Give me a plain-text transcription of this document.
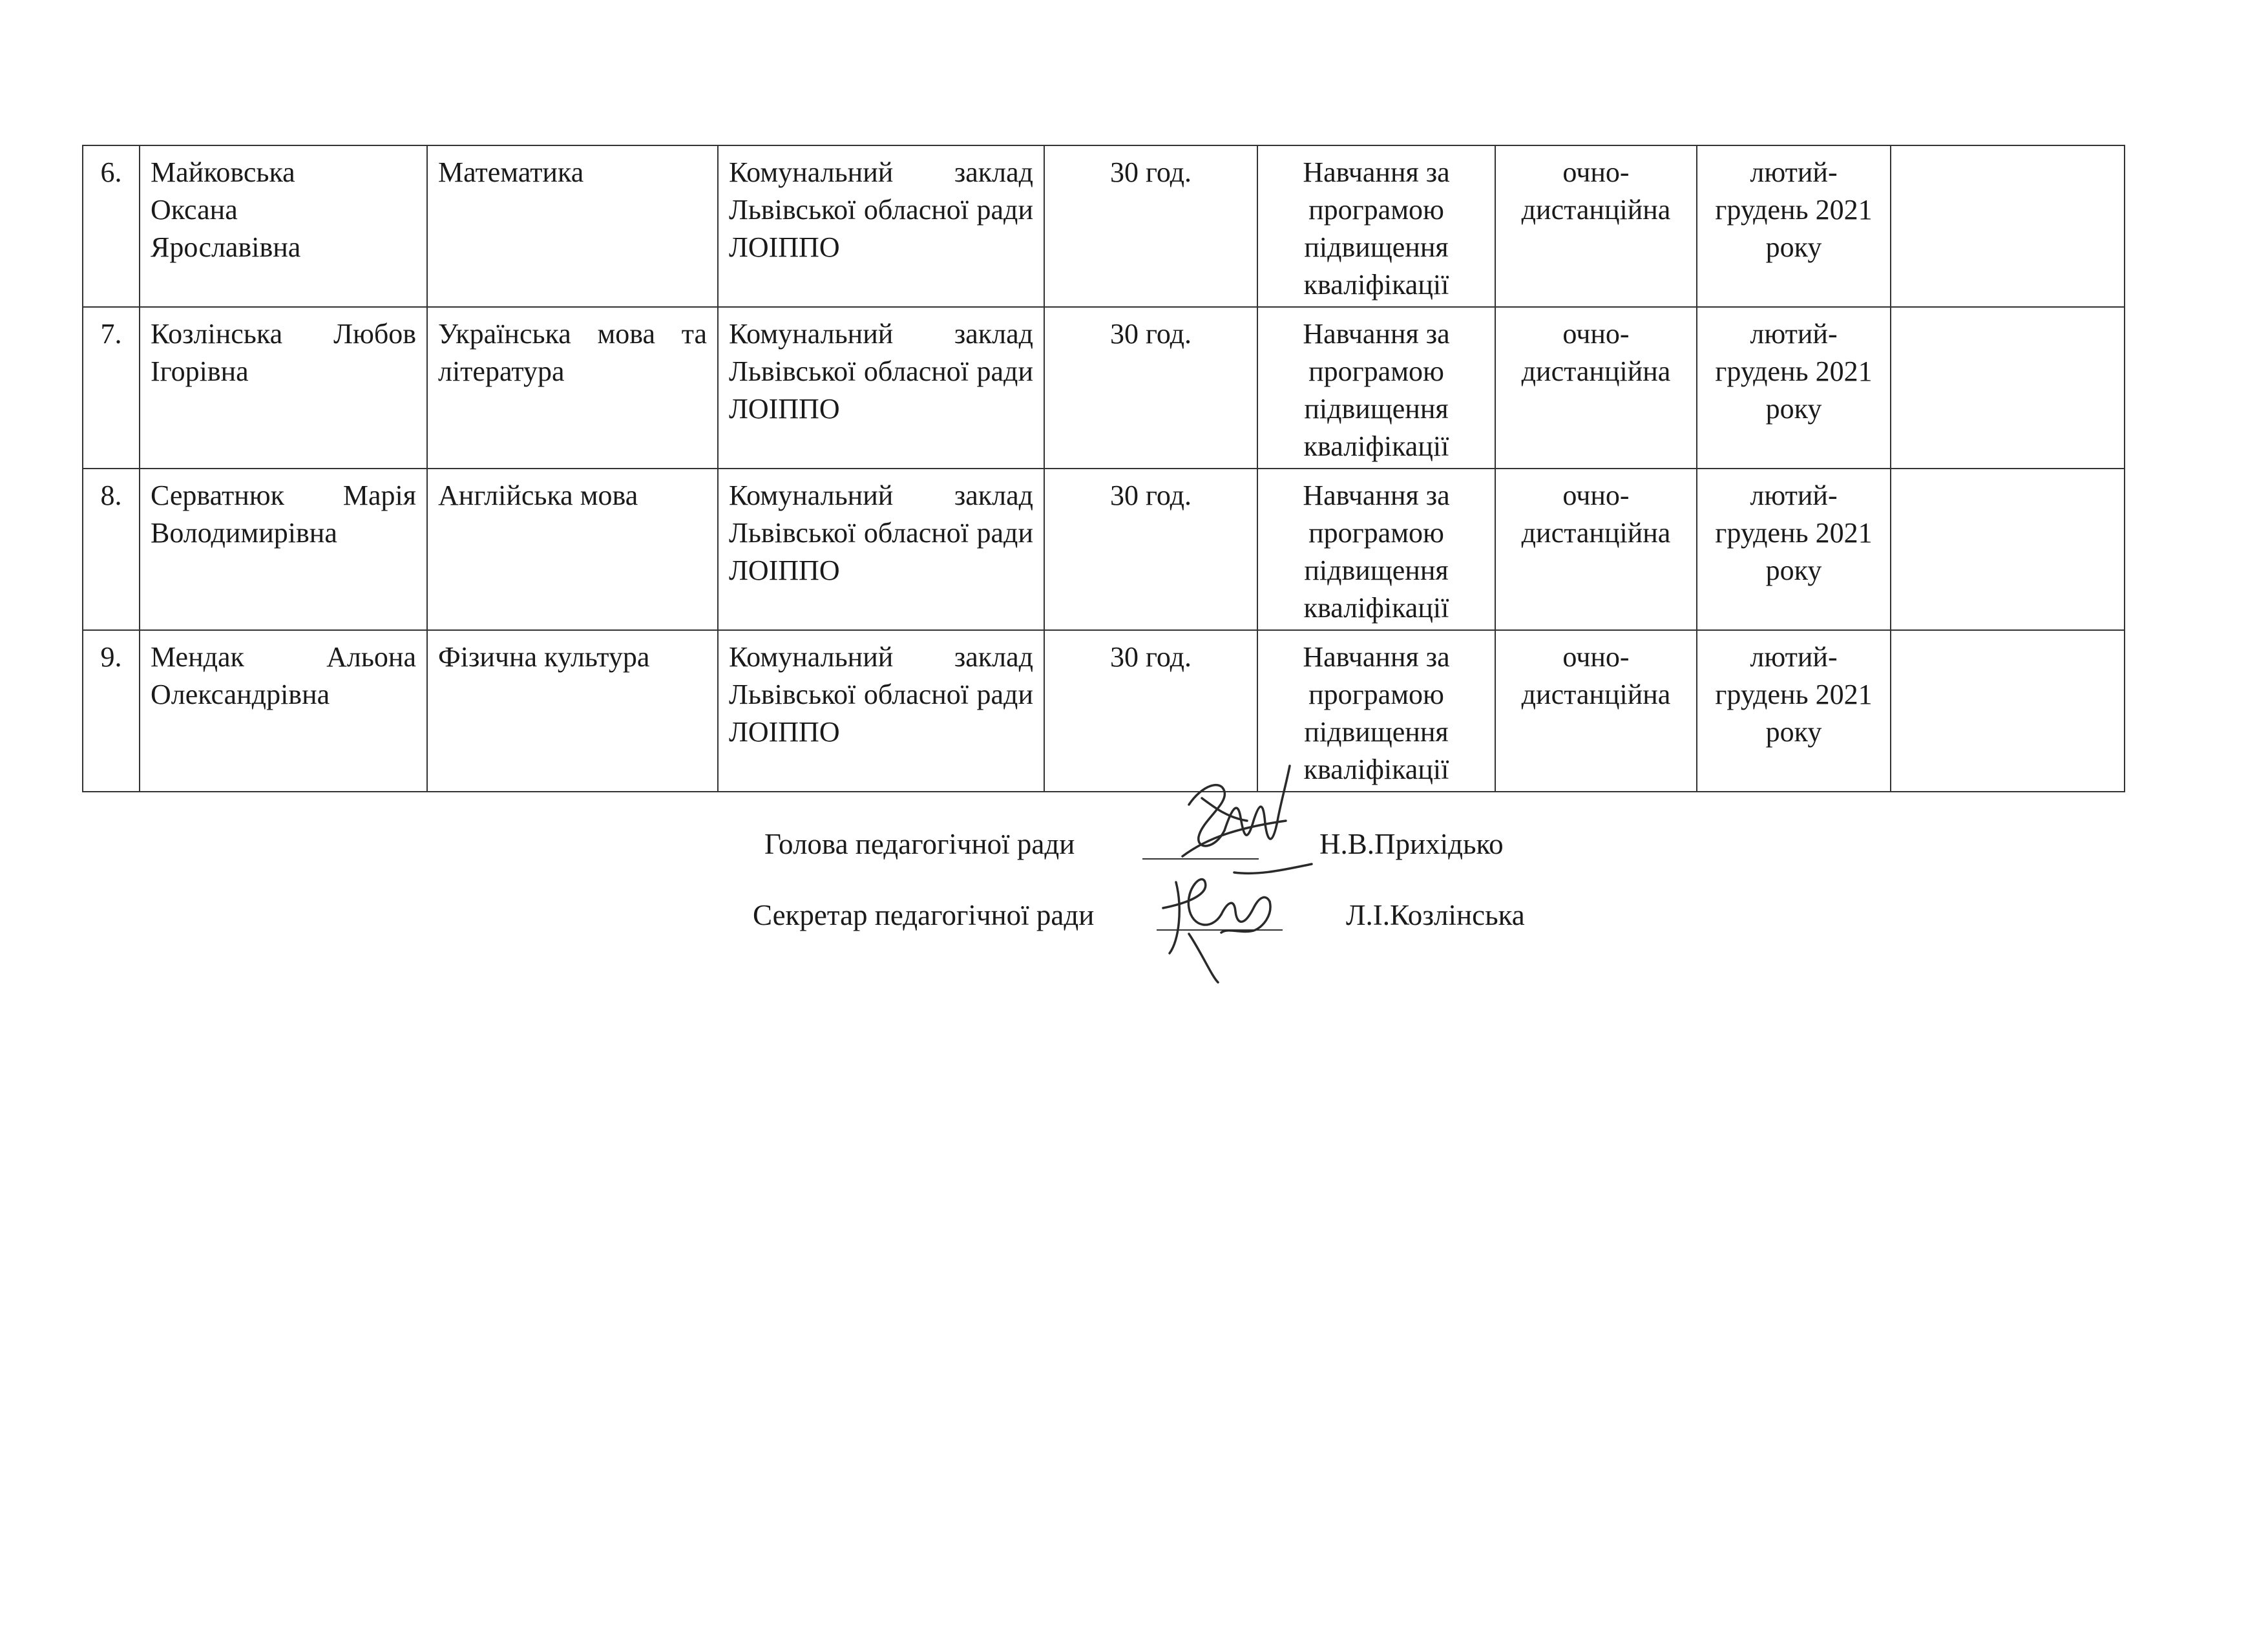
6.	Майковська Оксана Ярославівна	Математика	Комунальний заклад Львівської обласної ради ЛОІППО	30 год.	Навчання за програмою підвищення кваліфікації	очно-дистанційна	лютий-грудень 2021 року	
7.	Козлінська Любов Ігорівна	Українська мова та література	Комунальний заклад Львівської обласної ради ЛОІППО	30 год.	Навчання за програмою підвищення кваліфікації	очно-дистанційна	лютий-грудень 2021 року	
8.	Серватнюк Марія Володимирівна	Англійська мова	Комунальний заклад Львівської обласної ради ЛОІППО	30 год.	Навчання за програмою підвищення кваліфікації	очно-дистанційна	лютий-грудень 2021 року	
9.	Мендак Альона Олександрівна	Фізична культура	Комунальний заклад Львівської обласної ради ЛОІППО	30 год.	Навчання за програмою підвищення кваліфікації	очно-дистанційна	лютий-грудень 2021 року	
Голова педагогічної ради	Н.В.Прихідько
Секретар педагогічної ради	Л.І.Козлінська
